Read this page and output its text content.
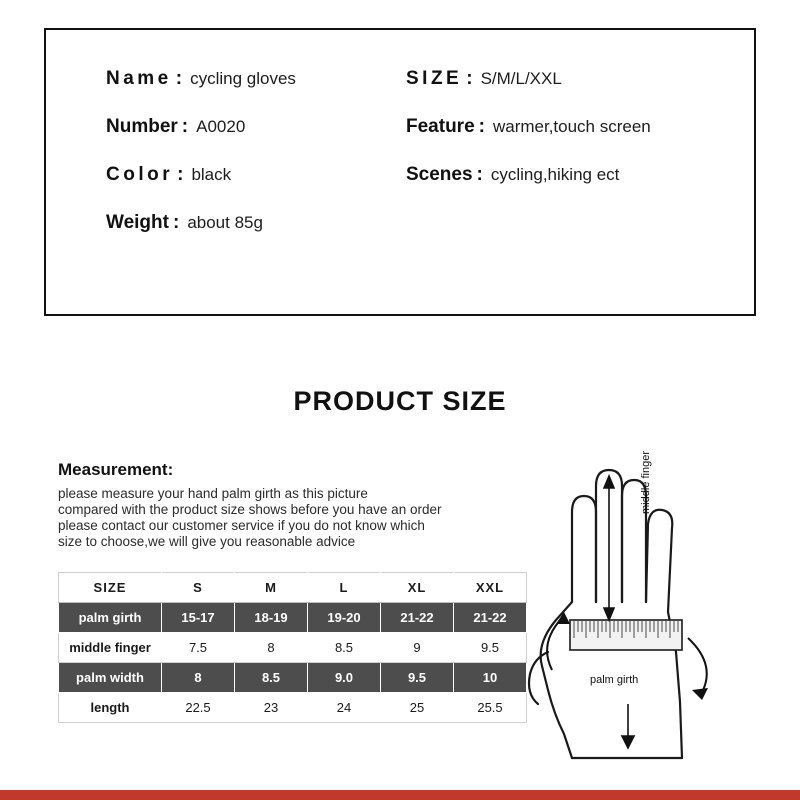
Name : cycling gloves	SIZE : S/M/L/XXL
Number : A0020	Feature : warmer,touch screen
Color : black	Scenes : cycling,hiking ect
Weight : about 85g
PRODUCT SIZE
Measurement:
please measure your hand palm girth as this picture
compared with the product size shows before you have an order
please contact our customer service if you do not know which
size to choose,we will give you reasonable advice
SIZE	S	M	L	XL	XXL
palm girth	15-17	18-19	19-20	21-22	21-22
middle finger	7.5	8	8.5	9	9.5
palm width	8	8.5	9.0	9.5	10
length	22.5	23	24	25	25.5
middle finger
palm girth
